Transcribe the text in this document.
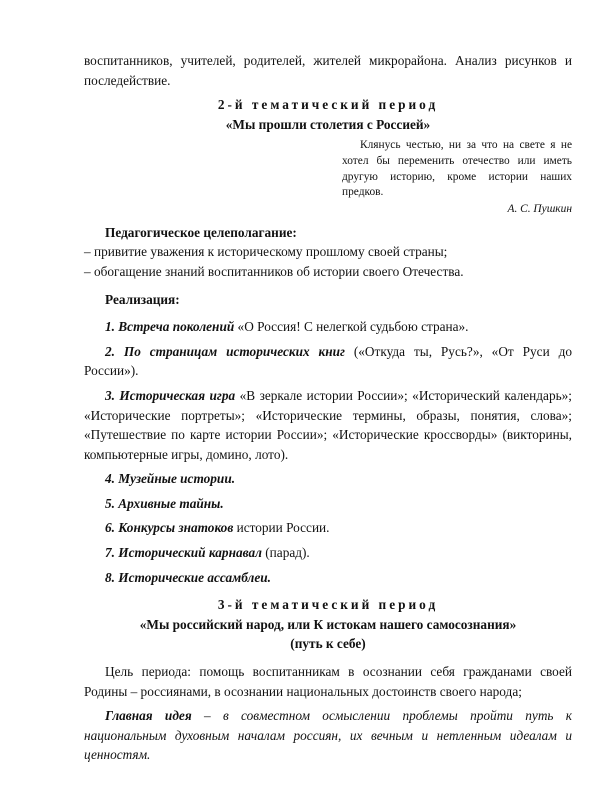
воспитанников, учителей, родителей, жителей микрорайона. Анализ рисунков и последействие.

2-й тематический период

«Мы прошли столетия с Россией»

Клянусь честью, ни за что на свете я не хотел бы переменить отечество или иметь другую историю, кроме истории наших предков.

А. С. Пушкин

Педагогическое целеполагание:

– привитие уважения к историческому прошлому своей страны;

– обогащение знаний воспитанников об истории своего Отечества.

Реализация:

1. Встреча поколений «О Россия! С нелегкой судьбою страна».

2. По страницам исторических книг («Откуда ты, Русь?», «От Руси до России»).

3. Историческая игра «В зеркале истории России»; «Исторический календарь»; «Исторические портреты»; «Исторические термины, образы, понятия, слова»; «Путешествие по карте истории России»; «Исторические кроссворды» (викторины, компьютерные игры, домино, лото).

4. Музейные истории.

5. Архивные тайны.

6. Конкурсы знатоков истории России.

7. Исторический карнавал (парад).

8. Исторические ассамблеи.

3-й тематический период

«Мы российский народ, или К истокам нашего самосознания»

(путь к себе)

Цель периода: помощь воспитанникам в осознании себя гражданами своей Родины – россиянами, в осознании национальных достоинств своего народа;

Главная идея – в совместном осмыслении проблемы пройти путь к национальным духовным началам россиян, их вечным и нетленным идеалам и ценностям.
